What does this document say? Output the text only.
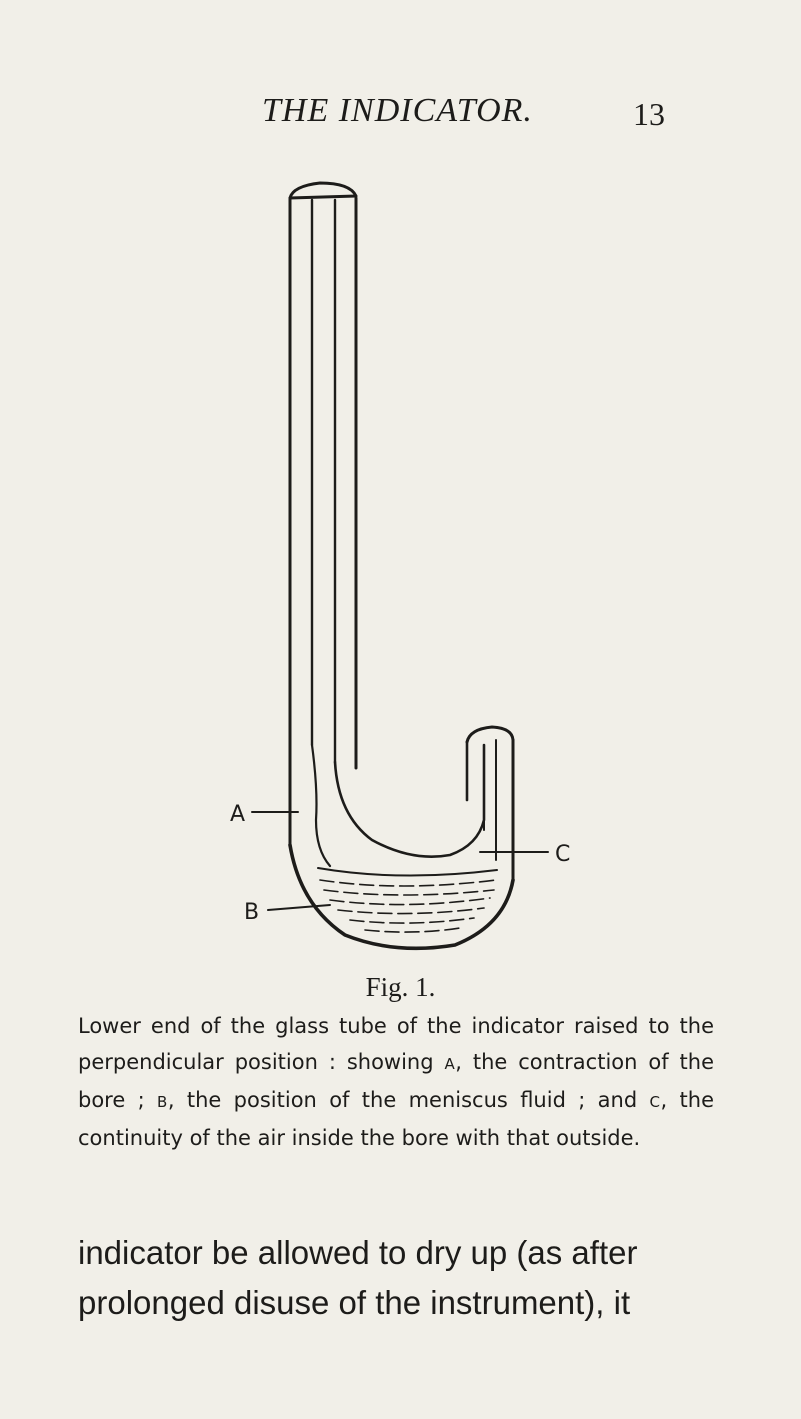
THE INDICATOR.	13
A
B
C
Fig. 1.
Lower end of the glass tube of the indicator raised to the perpendicular position : showing A, the contraction of the bore ; B, the position of the meniscus fluid ; and C, the continuity of the air inside the bore with that outside.
indicator be allowed to dry up (as after
prolonged disuse of the instrument), it
